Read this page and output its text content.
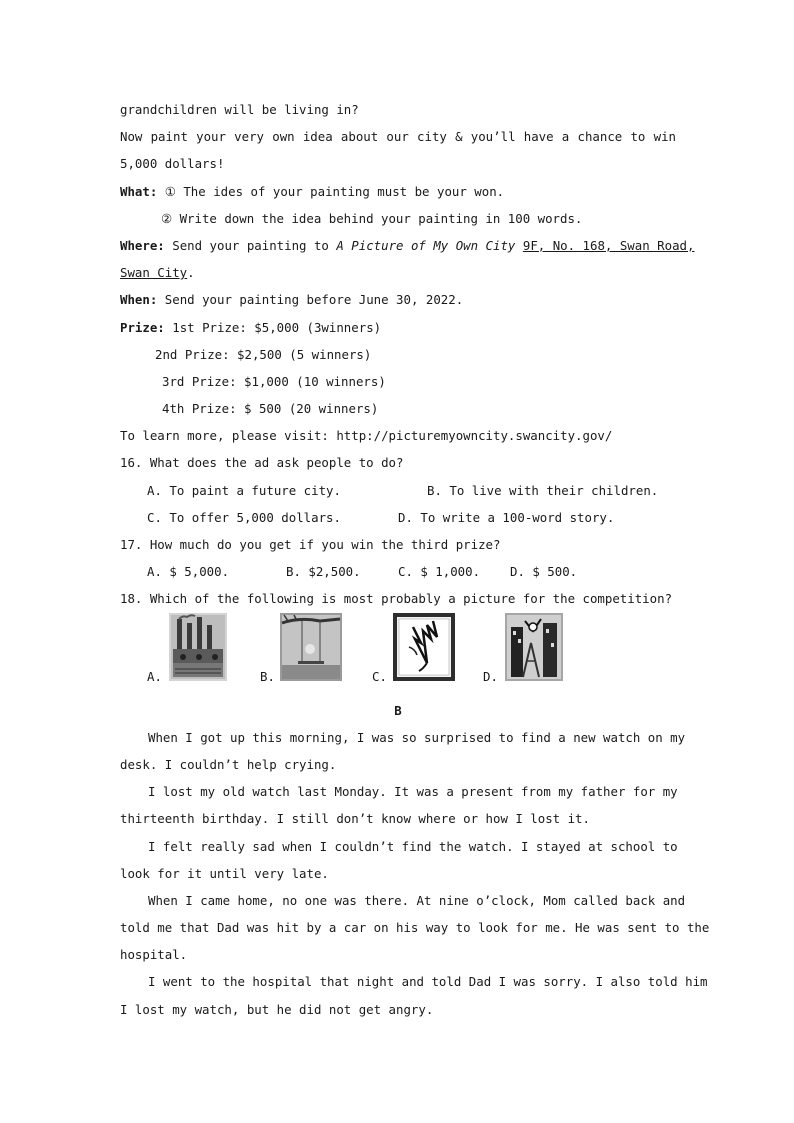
grandchildren will be living in?
Now paint your very own idea about our city & you’ll have a chance to win
5,000 dollars!
What: ① The ides of your painting must be your won.
② Write down the idea behind your painting in 100 words.
Where: Send your painting to A Picture of My Own City 9F, No. 168, Swan Road,
Swan City.
When: Send your painting before June 30, 2022.
Prize: 1st Prize: $5,000 (3winners)
2nd Prize: $2,500 (5 winners)
3rd Prize: $1,000 (10 winners)
4th Prize: $ 500 (20 winners)
To learn more, please visit: http://picturemyowncity.swancity.gov/
16. What does the ad ask people to do?
A. To paint a future city.	B. To live with their children.
C. To offer 5,000 dollars.	D. To write a 100-word story.
17. How much do you get if you win the third prize?
A. $ 5,000.	B. $2,500.	C. $ 1,000. D. $ 500.
18. Which of the following is most probably a picture for the competition?
A.	B.	C.	D.
B
When I got up this morning, I was so surprised to find a new watch on my
desk. I couldn’t help crying.
I lost my old watch last Monday. It was a present from my father for my
thirteenth birthday. I still don’t know where or how I lost it.
I felt really sad when I couldn’t find the watch. I stayed at school to
look for it until very late.
When I came home, no one was there. At nine o’clock, Mom called back and
told me that Dad was hit by a car on his way to look for me. He was sent to the
hospital.
I went to the hospital that night and told Dad I was sorry. I also told him
I lost my watch, but he did not get angry.
